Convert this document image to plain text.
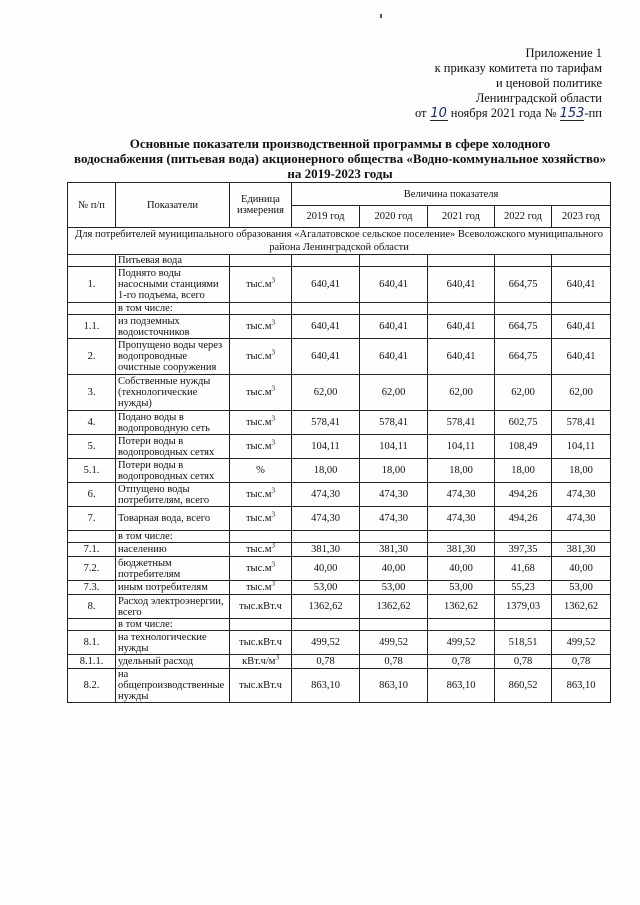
Приложение 1
к приказу комитета по тарифам
и ценовой политике
Ленинградской области
от 10 ноября 2021 года № 153-пп
Основные показатели производственной программы в сфере холодного
водоснабжения (питьевая вода) акционерного общества «Водно-коммунальное хозяйство»
на 2019-2023 годы
№ п/п	Показатели	Единица измерения	Величина показателя				
			2019 год	2020 год	2021 год	2022 год	2023 год
Для потребителей муниципального образования «Агалатовское сельское поселение» Всеволожского муниципального района Ленинградской области							
	Питьевая вода						
1.	Поднято воды насосными станциями 1-го подъема, всего	$тыс.м^3$	640,41	640,41	640,41	664,75	640,41
	в том числе:						
1.1.	из подземных водоисточников	$тыс.м^3$	640,41	640,41	640,41	664,75	640,41
2.	Пропущено воды через водопроводные очистные сооружения	$тыс.м^3$	640,41	640,41	640,41	664,75	640,41
3.	Собственные нужды (технологические нужды)	$тыс.м^3$	62,00	62,00	62,00	62,00	62,00
4.	Подано воды в водопроводную сеть	$тыс.м^3$	578,41	578,41	578,41	602,75	578,41
5.	Потери воды в водопроводных сетях	$тыс.м^3$	104,11	104,11	104,11	108,49	104,11
5.1.	Потери воды в водопроводных сетях	%	18,00	18,00	18,00	18,00	18,00
6.	Отпущено воды потребителям, всего	$тыс.м^3$	474,30	474,30	474,30	494,26	474,30
7.	Товарная вода, всего	$тыс.м^3$	474,30	474,30	474,30	494,26	474,30
	в том числе:						
7.1.	населению	$тыс.м^3$	381,30	381,30	381,30	397,35	381,30
7.2.	бюджетным потребителям	$тыс.м^3$	40,00	40,00	40,00	41,68	40,00
7.3.	иным потребителям	$тыс.м^3$	53,00	53,00	53,00	55,23	53,00
8.	Расход электроэнергии, всего	тыс.кВт.ч	1362,62	1362,62	1362,62	1379,03	1362,62
	в том числе:						
8.1.	на технологические нужды	тыс.кВт.ч	499,52	499,52	499,52	518,51	499,52
8.1.1.	удельный расход	$кВт.ч/м^3$	0,78	0,78	0,78	0,78	0,78
8.2.	на общепроизводственные нужды	тыс.кВт.ч	863,10	863,10	863,10	860,52	863,10
